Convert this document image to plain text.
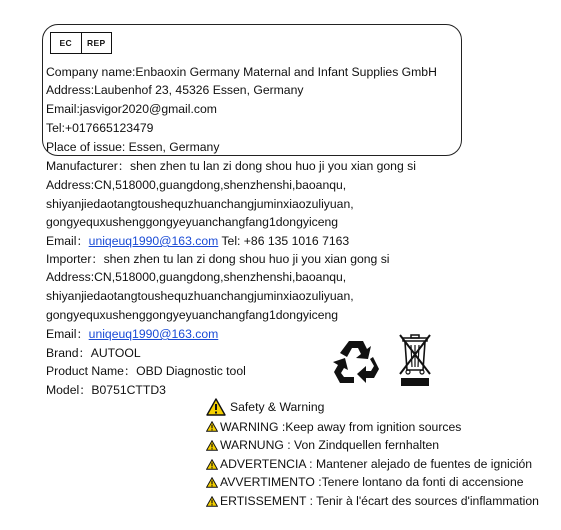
EC	REP
Company name:Enbaoxin Germany Maternal and Infant Supplies GmbH
Address:Laubenhof 23, 45326 Essen, Germany
Email:jasvigor2020@gmail.com
Tel:+017665123479
Place of issue: Essen, Germany
Manufacturer：shen zhen tu lan zi dong shou huo ji you xian gong si
Address:CN,518000,guangdong,shenzhenshi,baoanqu,
shiyanjiedaotangtoushequzhuanchangjuminxiaozuliyuan,
gongyequxushenggongyeyuanchangfang1dongyiceng
Email：uniqeuq1990@163.com Tel: +86 135 1016 7163
Importer：shen zhen tu lan zi dong shou huo ji you xian gong si
Address:CN,518000,guangdong,shenzhenshi,baoanqu,
shiyanjiedaotangtoushequzhuanchangjuminxiaozuliyuan,
gongyequxushenggongyeyuanchangfang1dongyiceng
Email：uniqeuq1990@163.com
Brand：AUTOOL
Product Name：OBD Diagnostic tool
Model：B0751CTTD3
Safety & Warning
WARNING :Keep away from ignition sources
WARNUNG : Von Zindquellen fernhalten
ADVERTENCIA : Mantener alejado de fuentes de ignición
AVVERTIMENTO :Tenere lontano da fonti di accensione
ERTISSEMENT : Tenir à l'écart des sources d'inflammation
